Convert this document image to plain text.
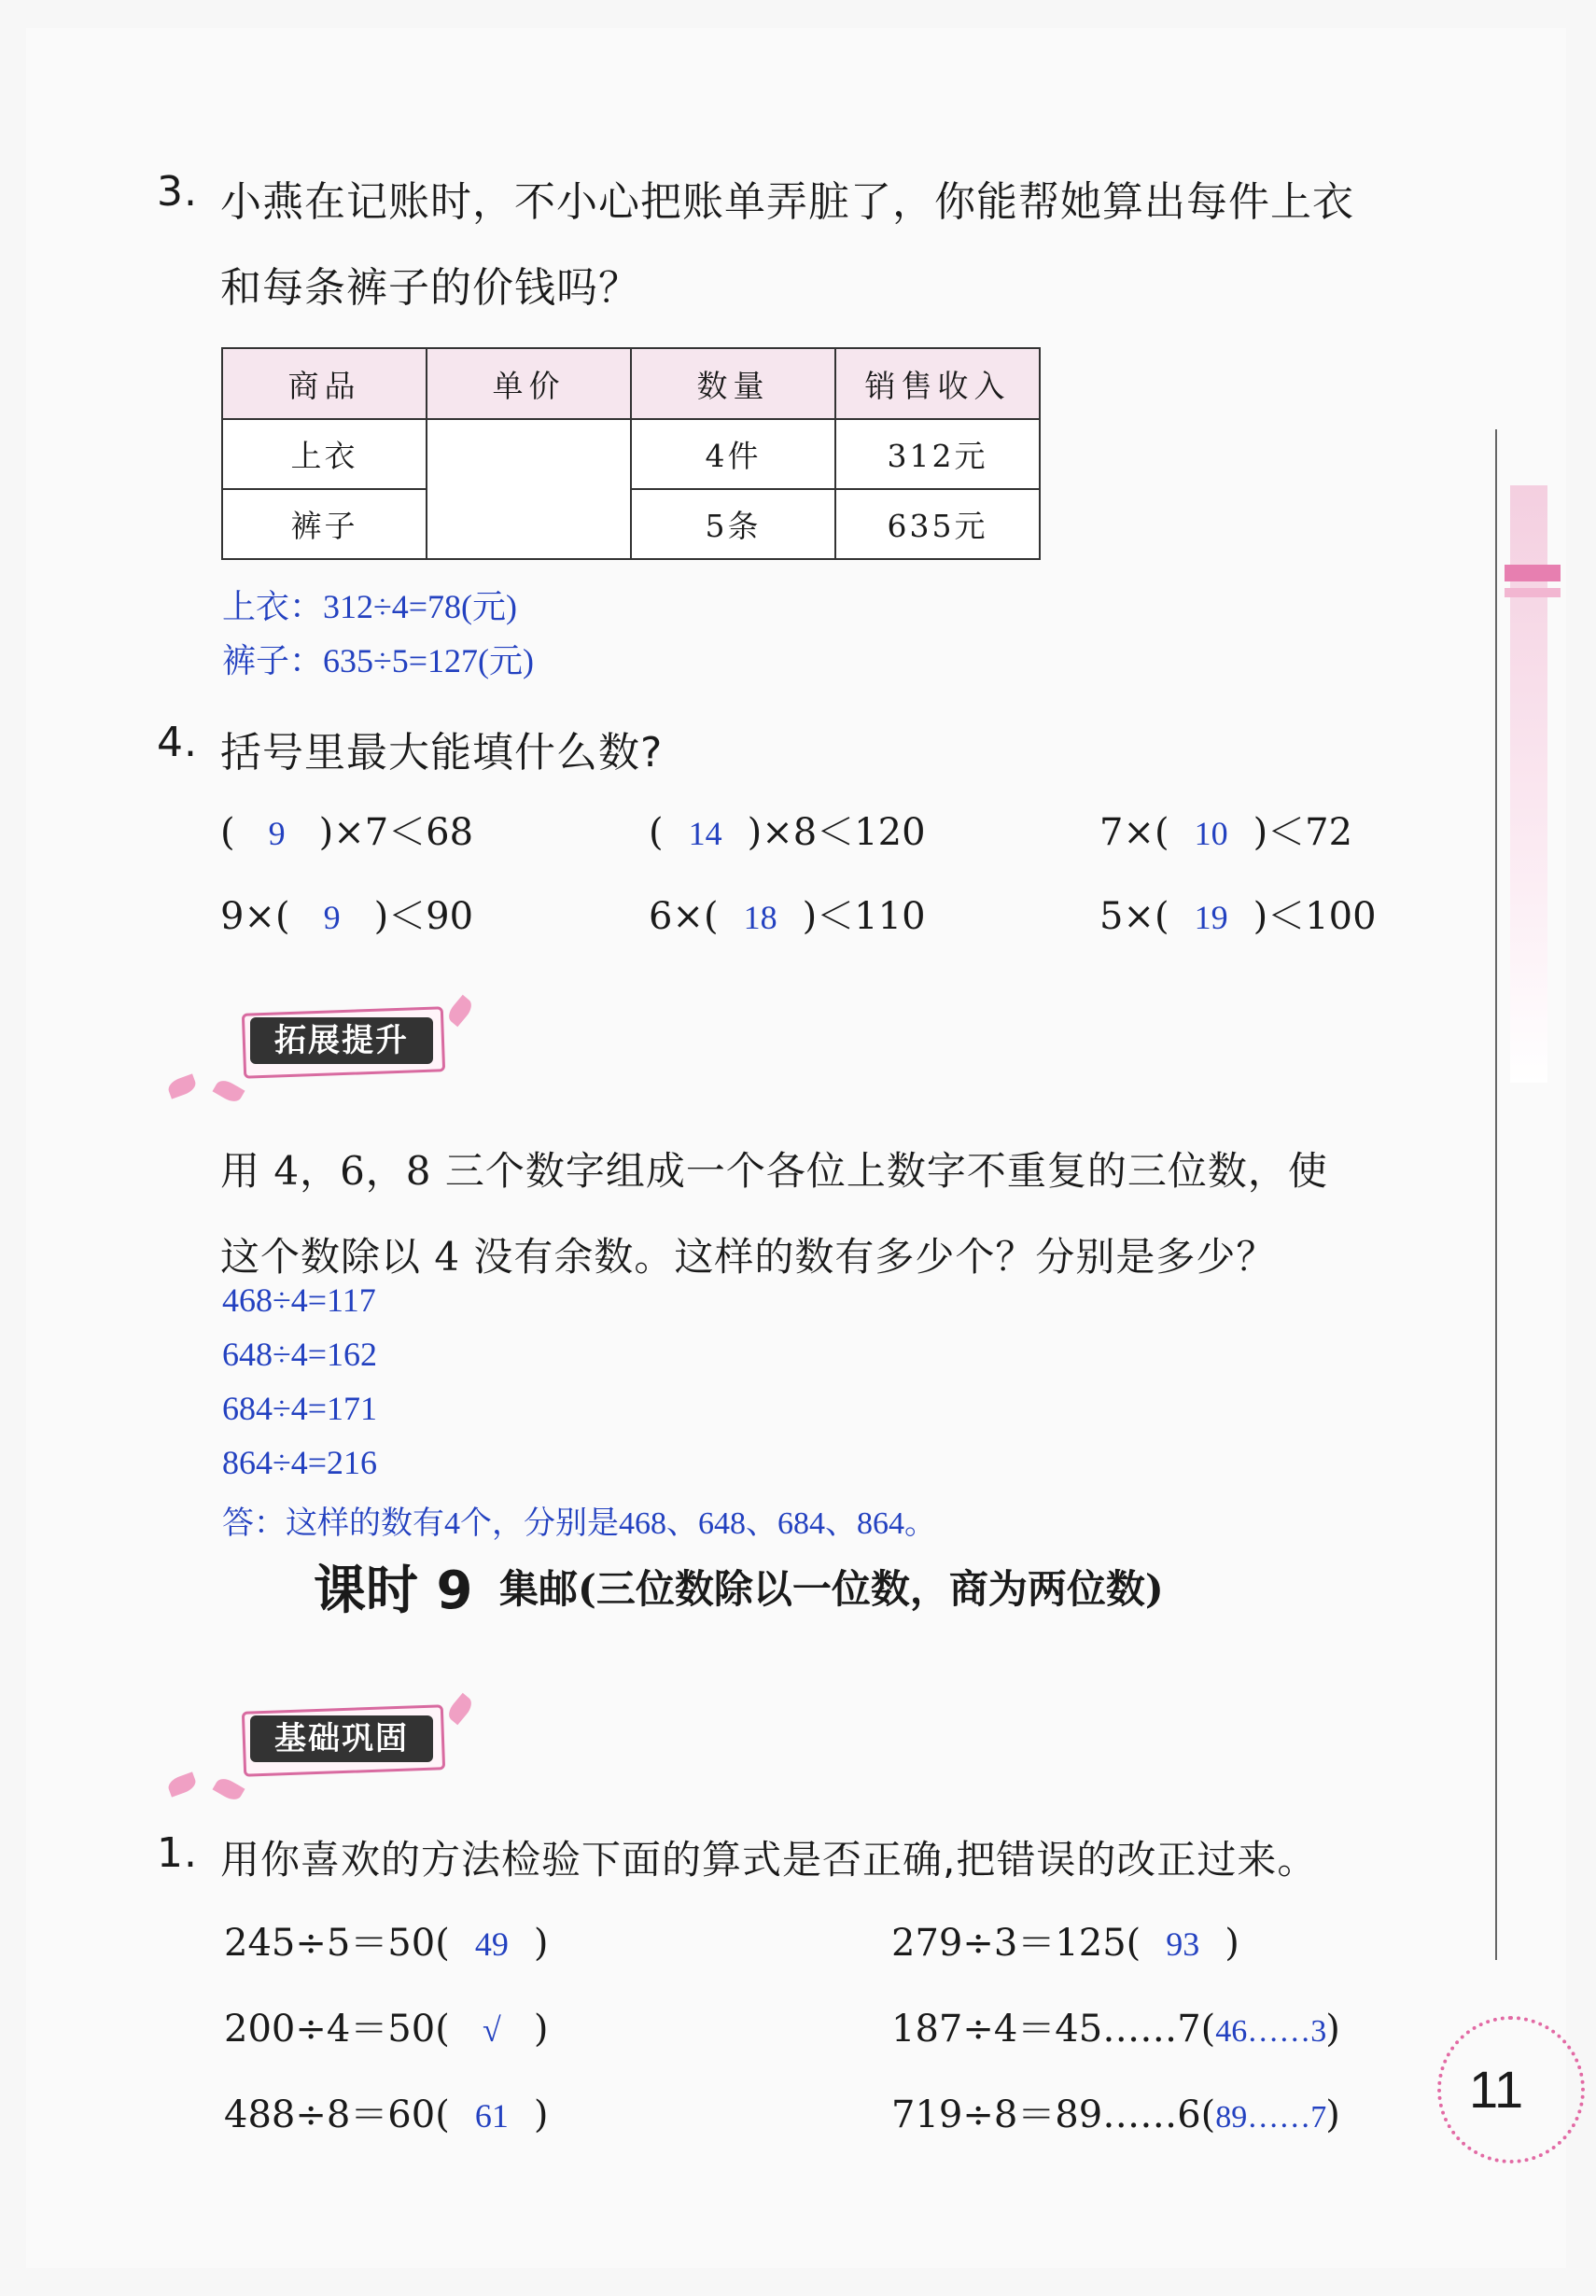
3. 小燕在记账时，不小心把账单弄脏了，你能帮她算出每件上衣
和每条裤子的价钱吗？
商品	单价	数量	销售收入
上衣		4件	312元
裤子		5条	635元
上衣：312÷4=78(元)
裤子：635÷5=127(元)
4. 括号里最大能填什么数?
( 9 )×7＜68	( 14 )×8＜120	7×( 10 )＜72
9×( 9 )＜90	6×( 18 )＜110	5×( 19 )＜100
拓展提升
用 4，6，8 三个数字组成一个各位上数字不重复的三位数，使
这个数除以 4 没有余数。这样的数有多少个？分别是多少？
468÷4=117
648÷4=162
684÷4=171
864÷4=216
答：这样的数有4个，分别是468、648、684、864。
课时 9 集邮(三位数除以一位数，商为两位数)
基础巩固
1. 用你喜欢的方法检验下面的算式是否正确,把错误的改正过来。
245÷5＝50( 49 )	279÷3＝125( 93 )
200÷4＝50( √ )	187÷4＝45……7(46……3)
488÷8＝60( 61 )	719÷8＝89……6(89……7) 11
